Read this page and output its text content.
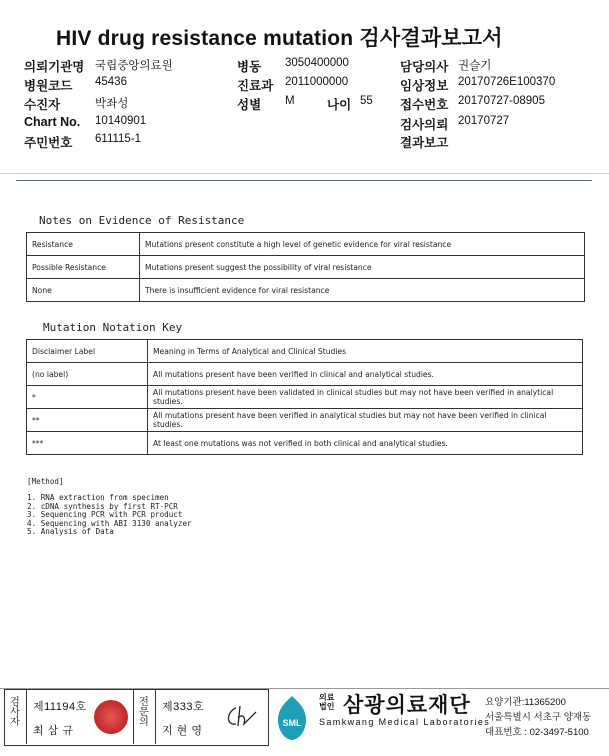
HIV drug resistance mutation 검사결과보고서
의뢰기관명 국립중앙의료원
병원코드 45436
수진자	박좌성
Chart No. 10140901
주민번호 611115-1
병동 3050400000
진료과 2011000000
성별 M	나이 55
담당의사 권슬기
임상정보 20170726E100370
접수번호 20170727-08905
검사의뢰 20170727
결과보고
Notes on Evidence of Resistance
Resistance	Mutations present constitute a high level of genetic evidence for viral resistance
Possible Resistance	Mutations present suggest the possibility of viral resistance
None	There is insufficient evidence for viral resistance
Mutation Notation Key
Disclaimer Label	Meaning in Terms of Analytical and Clinical Studies
(no label)	All mutations present have been verified in clinical and analytical studies.
*	All mutations present have been validated in clinical studies but may not have been verified in analytical studies.
**	All mutations present have been verified in analytical studies but may not have been verified in clinical studies.
***	At least one mutations was not verified in both clinical and analytical studies.
[Method]
1. RNA extraction from specimen
2. cDNA synthesis by first RT-PCR
3. Sequencing PCR with PCR product
4. Sequencing with ABI 3130 analyzer
5. Analysis of Data
검사자
제11194호
최 삼 규
전문의
제333호
지 현 영
SML
의료
법인 삼광의료재단
Samkwang Medical Laboratories
요양기관:11365200
서울특별시 서초구 양재동
대표번호 : 02-3497-5100
